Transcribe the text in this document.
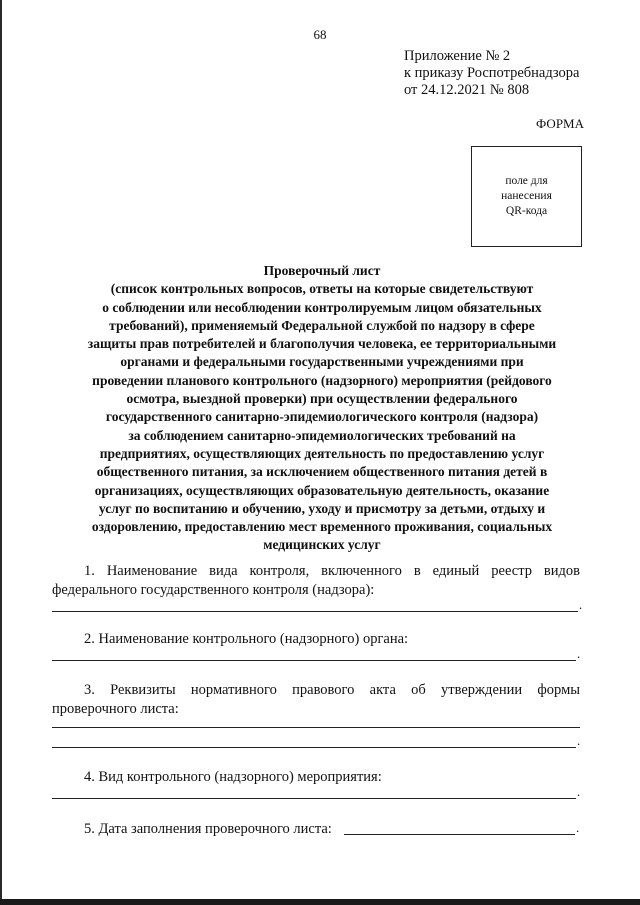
68
Приложение № 2
к приказу Роспотребнадзора
от 24.12.2021 № 808
ФОРМА
поле для
нанесения
QR-кода
Проверочный лист
(список контрольных вопросов, ответы на которые свидетельствуют
о соблюдении или несоблюдении контролируемым лицом обязательных
требований), применяемый Федеральной службой по надзору в сфере
защиты прав потребителей и благополучия человека, ее территориальными
органами и федеральными государственными учреждениями при
проведении планового контрольного (надзорного) мероприятия (рейдового
осмотра, выездной проверки) при осуществлении федерального
государственного санитарно-эпидемиологического контроля (надзора)
за соблюдением санитарно-эпидемиологических требований на
предприятиях, осуществляющих деятельность по предоставлению услуг
общественного питания, за исключением общественного питания детей в
организациях, осуществляющих образовательную деятельность, оказание
услуг по воспитанию и обучению, уходу и присмотру за детьми, отдыху и
оздоровлению, предоставлению мест временного проживания, социальных
медицинских услуг
1. Наименование вида контроля, включенного в единый реестр видов
федерального государственного контроля (надзора):
.
2. Наименование контрольного (надзорного) органа:
.
3. Реквизиты нормативного правового акта об утверждении формы
проверочного листа:
.
4. Вид контрольного (надзорного) мероприятия:
.
5. Дата заполнения проверочного листа:	.
